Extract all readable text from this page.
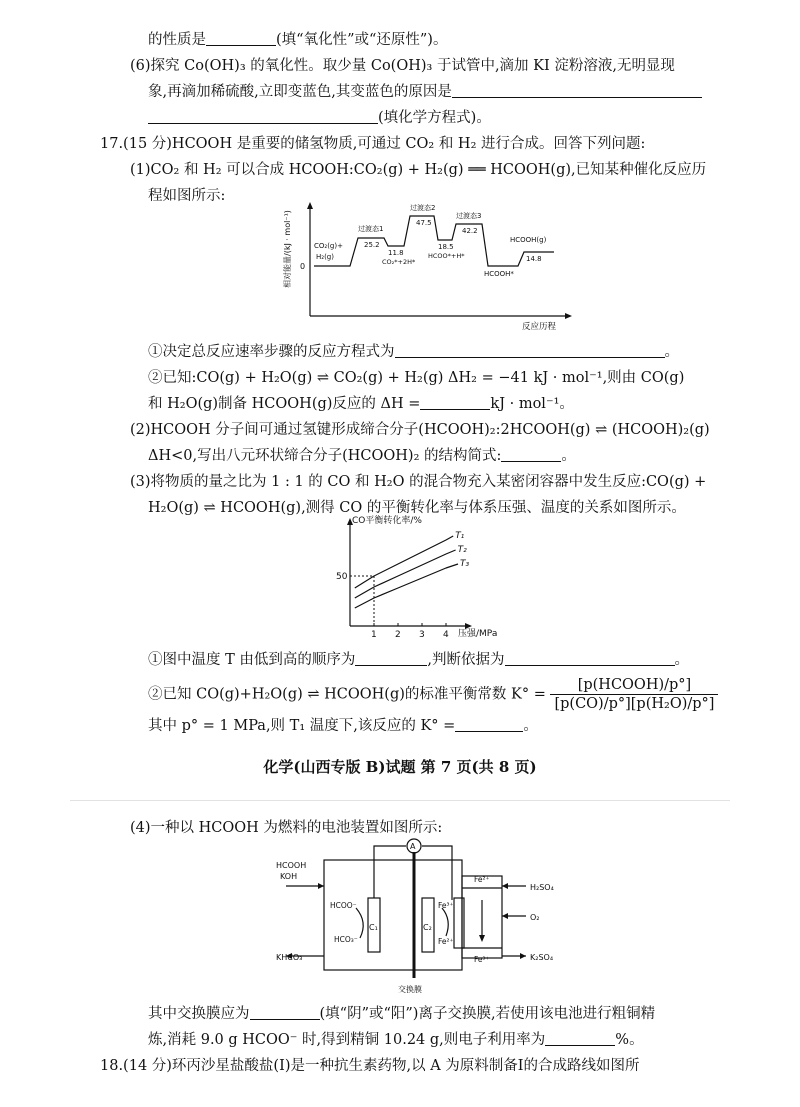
的性质是	(填“氧化性”或“还原性”)。
(6)探究 Co(OH)₃ 的氧化性。取少量 Co(OH)₃ 于试管中,滴加 KI 淀粉溶液,无明显现
象,再滴加稀硫酸,立即变蓝色,其变蓝色的原因是
(填化学方程式)。
17.(15 分)HCOOH 是重要的储氢物质,可通过 CO₂ 和 H₂ 进行合成。回答下列问题:
(1)CO₂ 和 H₂ 可以合成 HCOOH:CO₂(g) + H₂(g) ══ HCOOH(g),已知某种催化反应历
程如图所示:
相对能量/(kJ · mol⁻¹)
反应历程
0
CO₂(g)+
H₂(g)
过渡态1
25.2
11.8
CO₂*+2H*
过渡态2
47.5
18.5
HCOO*+H*
过渡态3
42.2
HCOOH*
HCOOH(g)
14.8
①决定总反应速率步骤的反应方程式为	。
②已知:CO(g) + H₂O(g) ⇌ CO₂(g) + H₂(g) ΔH₂ = −41 kJ · mol⁻¹,则由 CO(g)
和 H₂O(g)制备 HCOOH(g)反应的 ΔH =	kJ · mol⁻¹。
(2)HCOOH 分子间可通过氢键形成缔合分子(HCOOH)₂:2HCOOH(g) ⇌ (HCOOH)₂(g)
ΔH<0,写出八元环状缔合分子(HCOOH)₂ 的结构简式:	。
(3)将物质的量之比为 1 : 1 的 CO 和 H₂O 的混合物充入某密闭容器中发生反应:CO(g) +
H₂O(g) ⇌ HCOOH(g),测得 CO 的平衡转化率与体系压强、温度的关系如图所示。
CO平衡转化率/%
压强/MPa
1 2 3 4
50
T₁
T₂
T₃
①图中温度 T 由低到高的顺序为	,判断依据为	。
②已知 CO(g)+H₂O(g) ⇌ HCOOH(g)的标准平衡常数 $K^\circ = \frac{\text{[p(HCOOH)/p°]}}{\text{[p(CO)/p°][p(H₂O)/p°]}}$
其中 p° = 1 MPa,则 T₁ 温度下,该反应的 K° =	。
化学(山西专版 B)试题 第 7 页(共 8 页)
(4)一种以 HCOOH 为燃料的电池装置如图所示:
A
HCOOH
KOH
KHCO₃
HCOO⁻
HCO₃⁻
C₁	C₂
Fe³⁺
Fe²⁺
Fe²⁺
Fe³⁺
H₂SO₄
O₂
K₂SO₄
交换膜
其中交换膜应为	(填“阴”或“阳”)离子交换膜,若使用该电池进行粗铜精
炼,消耗 9.0 g HCOO⁻ 时,得到精铜 10.24 g,则电子利用率为	%。
18.(14 分)环丙沙星盐酸盐(Ⅰ)是一种抗生素药物,以 A 为原料制备Ⅰ的合成路线如图所
